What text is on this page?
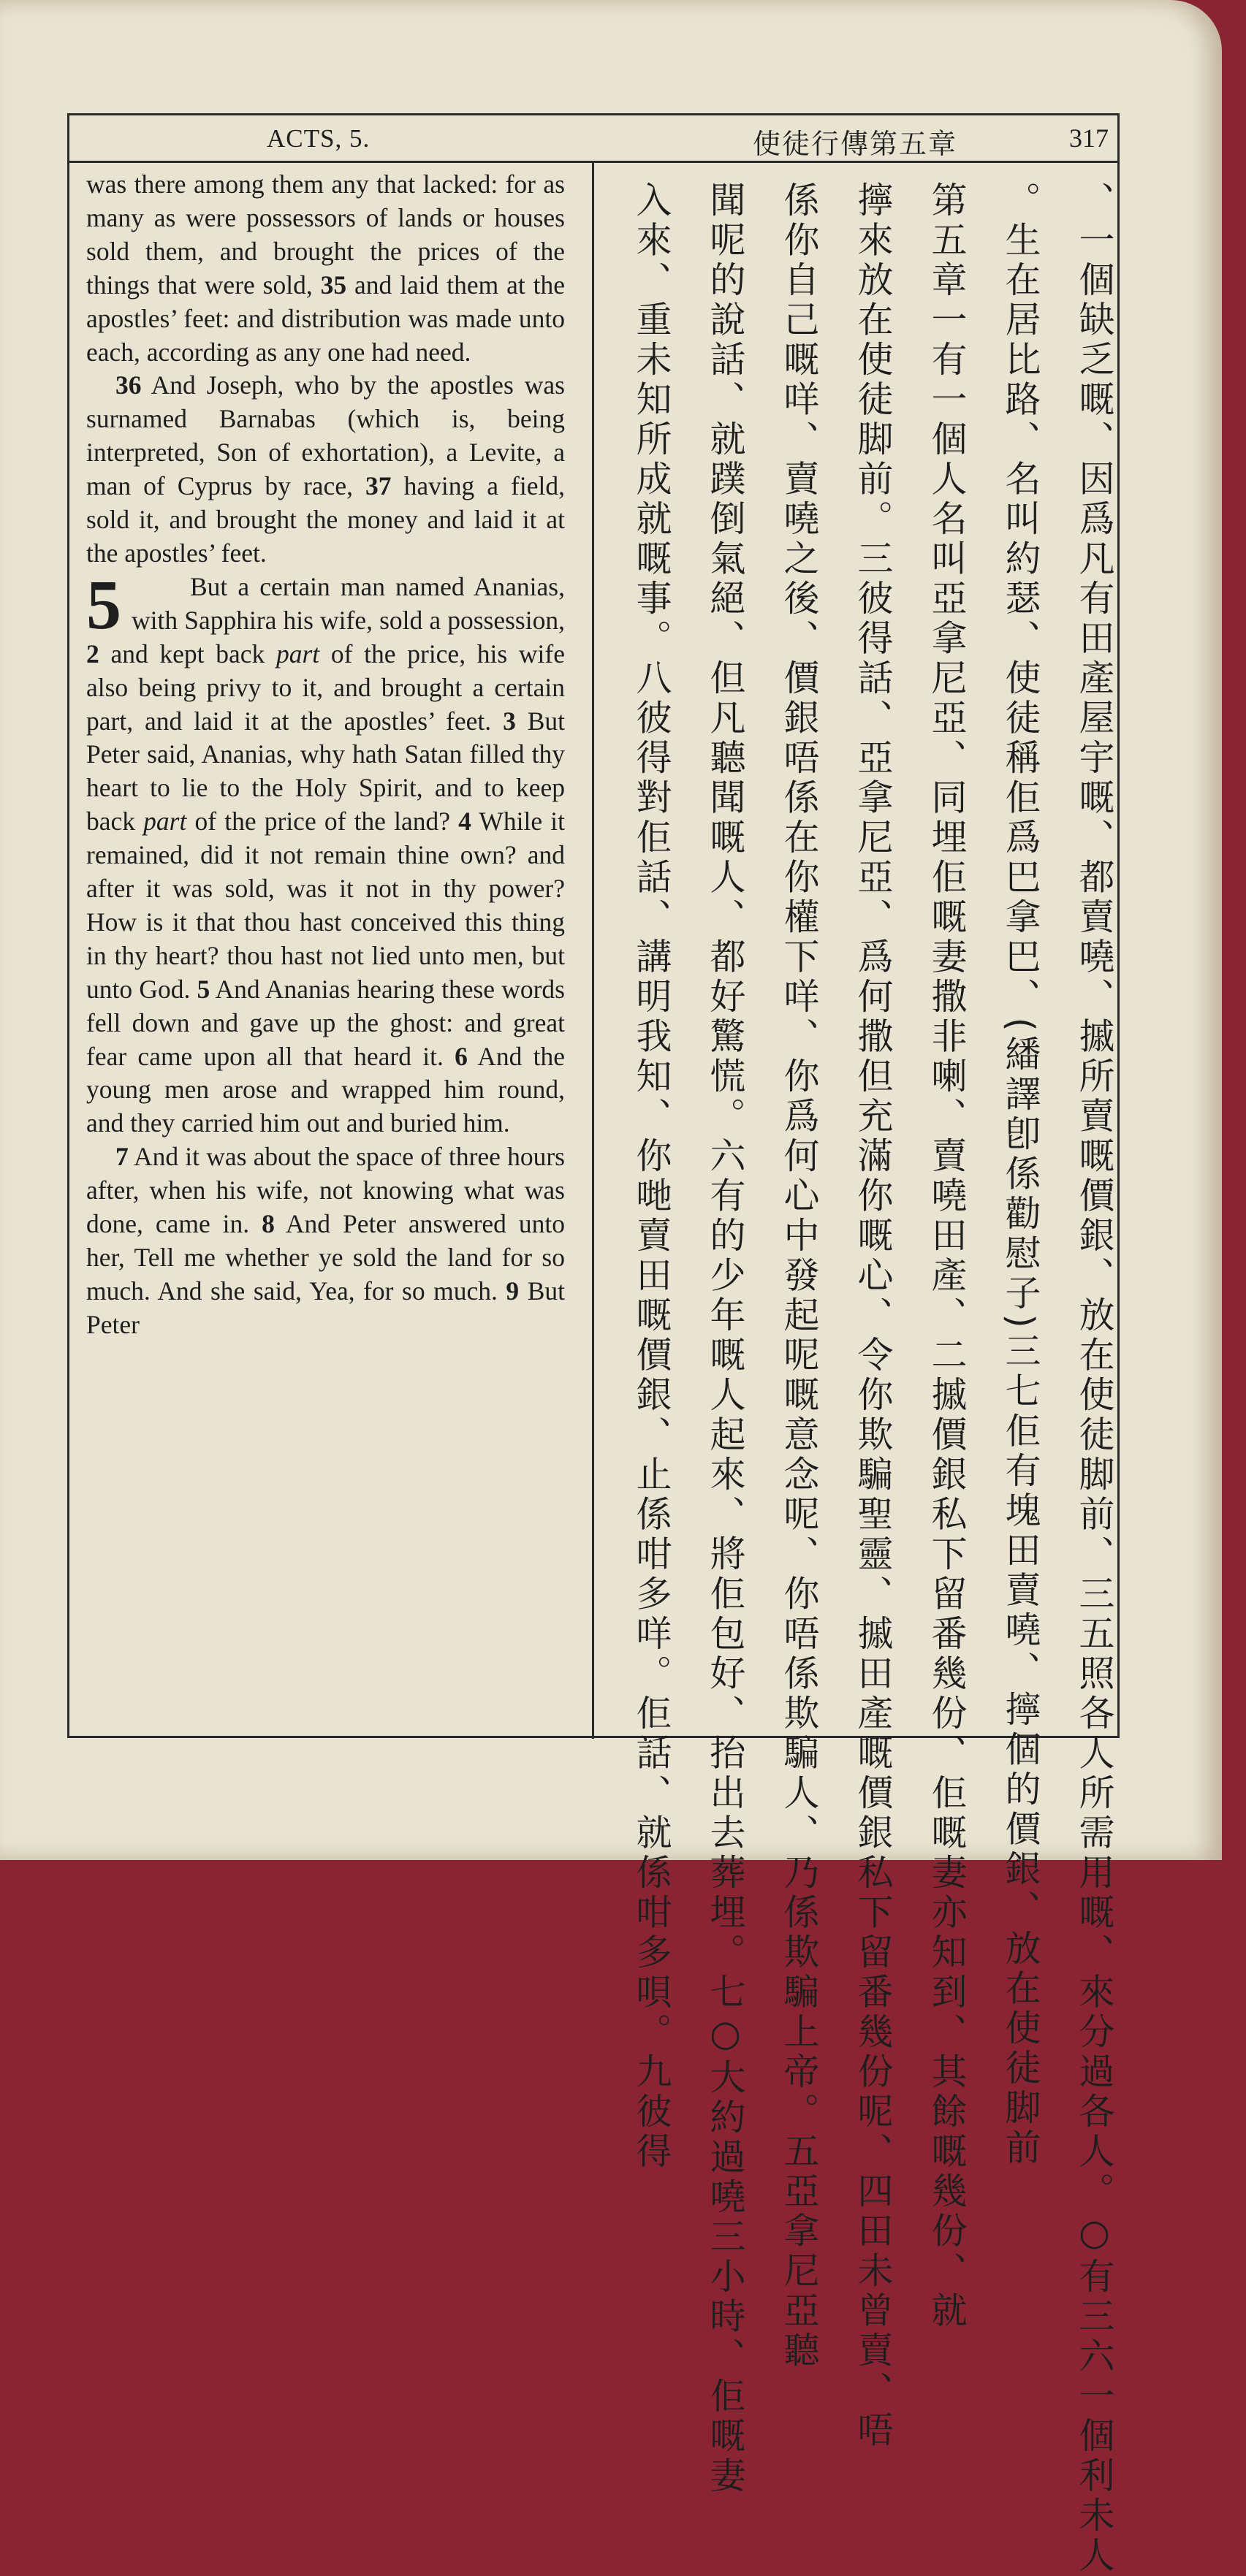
ACTS, 5.	使徒行傳第五章	317

was there among them any that lacked: for as many as were possessors of lands or houses sold them, and brought the prices of the things that were sold, 35 and laid them at the apostles’ feet: and distribution was made unto each, according as any one had need.

36 And Joseph, who by the apostles was surnamed Barnabas (which is, being interpreted, Son of exhortation), a Levite, a man of Cyprus by race, 37 having a field, sold it, and brought the money and laid it at the apostles’ feet.

5	But a certain man named Ananias, with Sapphira his wife, sold a possession, 2 and kept back part of the price, his wife also being privy to it, and brought a certain part, and laid it at the apostles’ feet. 3 But Peter said, Ananias, why hath Satan filled thy heart to lie to the Holy Spirit, and to keep back part of the price of the land? 4 While it remained, did it not remain thine own? and after it was sold, was it not in thy power? How is it that thou hast conceived this thing in thy heart? thou hast not lied unto men, but unto God. 5 And Ananias hearing these words fell down and gave up the ghost: and great fear came upon all that heard it. 6 And the young men arose and wrapped him round, and they carried him out and buried him.

7 And it was about the space of three hours after, when his wife, not knowing what was done, came in. 8 And Peter answered unto her, Tell me whether ye sold the land for so much. And she said, Yea, for so much. 9 But Peter

一個缺乏嘅、因爲凡有田產屋宇嘅、都賣嘵、摵所賣嘅價銀、放在使徒脚前、三五照各人所需用嘅、來分過各人。○有三六一個利未人、
生在居比路、名叫約瑟、使徒稱佢爲巴拿巴、(繙譯卽係勸慰子)三七佢有塊田賣嘵、擰個的價銀、放在使徒脚前。
第五章一有一個人名叫亞拿尼亞、同埋佢嘅妻撒非喇、賣嘵田產、二摵價銀私下留番幾份、佢嘅妻亦知到、其餘嘅幾份、就
擰來放在使徒脚前。三彼得話、亞拿尼亞、爲何撒但充滿你嘅心、令你欺騙聖靈、摵田產嘅價銀私下留番幾份呢、四田未曾賣、唔
係你自己嘅咩、賣嘵之後、價銀唔係在你權下咩、你爲何心中發起呢嘅意念呢、你唔係欺騙人、乃係欺騙上帝。五亞拿尼亞聽
聞呢的說話、就蹼倒氣絕、但凡聽聞嘅人、都好驚慌。六有的少年嘅人起來、將佢包好、抬出去葬埋。七○大約過嘵三小時、佢嘅妻
入來、重未知所成就嘅事。八彼得對佢話、講明我知、你哋賣田嘅價銀、止係咁多咩。佢話、就係咁多唄。九彼得
